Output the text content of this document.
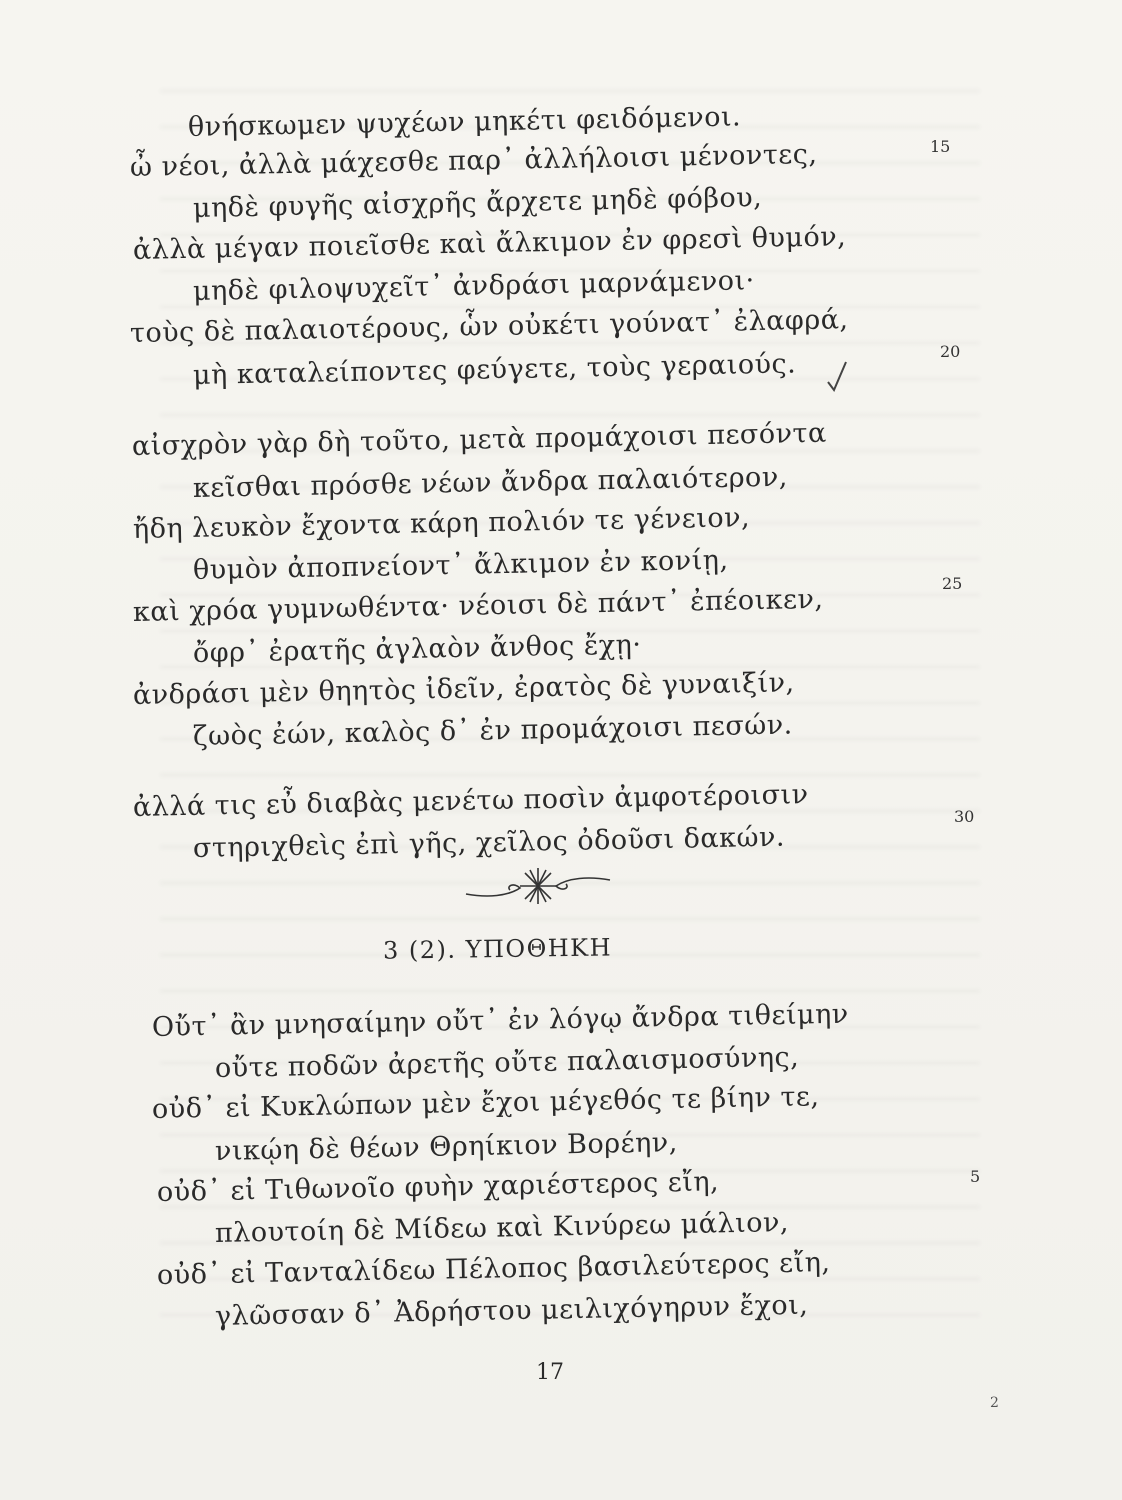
θνήσκωμεν ψυχέων μηκέτι φειδόμενοι.
ὦ νέοι, ἀλλὰ μάχεσθε παρ᾽ ἀλλήλοισι μένοντες,
μηδὲ φυγῆς αἰσχρῆς ἄρχετε μηδὲ φόβου,
ἀλλὰ μέγαν ποιεῖσθε καὶ ἄλκιμον ἐν φρεσὶ θυμόν,
μηδὲ φιλοψυχεῖτ᾽ ἀνδράσι μαρνάμενοι·
τοὺς δὲ παλαιοτέρους, ὧν οὐκέτι γούνατ᾽ ἐλαφρά,
μὴ καταλείποντες φεύγετε, τοὺς γεραιούς.
αἰσχρὸν γὰρ δὴ τοῦτο, μετὰ προμάχοισι πεσόντα
κεῖσθαι πρόσθε νέων ἄνδρα παλαιότερον,
ἤδη λευκὸν ἔχοντα κάρη πολιόν τε γένειον,
θυμὸν ἀποπνείοντ᾽ ἄλκιμον ἐν κονίῃ,
καὶ χρόα γυμνωθέντα· νέοισι δὲ πάντ᾽ ἐπέοικεν,
ὄφρ᾽ ἐρατῆς ἀγλαὸν ἄνθος ἔχῃ·
ἀνδράσι μὲν θηητὸς ἰδεῖν, ἐρατὸς δὲ γυναιξίν,
ζωὸς ἐών, καλὸς δ᾽ ἐν προμάχοισι πεσών.
ἀλλά τις εὖ διαβὰς μενέτω ποσὶν ἀμφοτέροισιν
στηριχθεὶς ἐπὶ γῆς, χεῖλος ὀδοῦσι δακών.
3 (2). ΥΠΟΘΗΚΗ
Οὔτ᾽ ἂν μνησαίμην οὔτ᾽ ἐν λόγῳ ἄνδρα τιθείμην
οὔτε ποδῶν ἀρετῆς οὔτε παλαισμοσύνης,
οὐδ᾽ εἰ Κυκλώπων μὲν ἔχοι μέγεθός τε βίην τε,
νικῴη δὲ θέων Θρηίκιον Βορέην,
οὐδ᾽ εἰ Τιθωνοῖο φυὴν χαριέστερος εἴη,
πλουτοίη δὲ Μίδεω καὶ Κινύρεω μάλιον,
οὐδ᾽ εἰ Τανταλίδεω Πέλοπος βασιλεύτερος εἴη,
γλῶσσαν δ᾽ Ἀδρήστου μειλιχόγηρυν ἔχοι,
15
20
25
30
5
17
2
